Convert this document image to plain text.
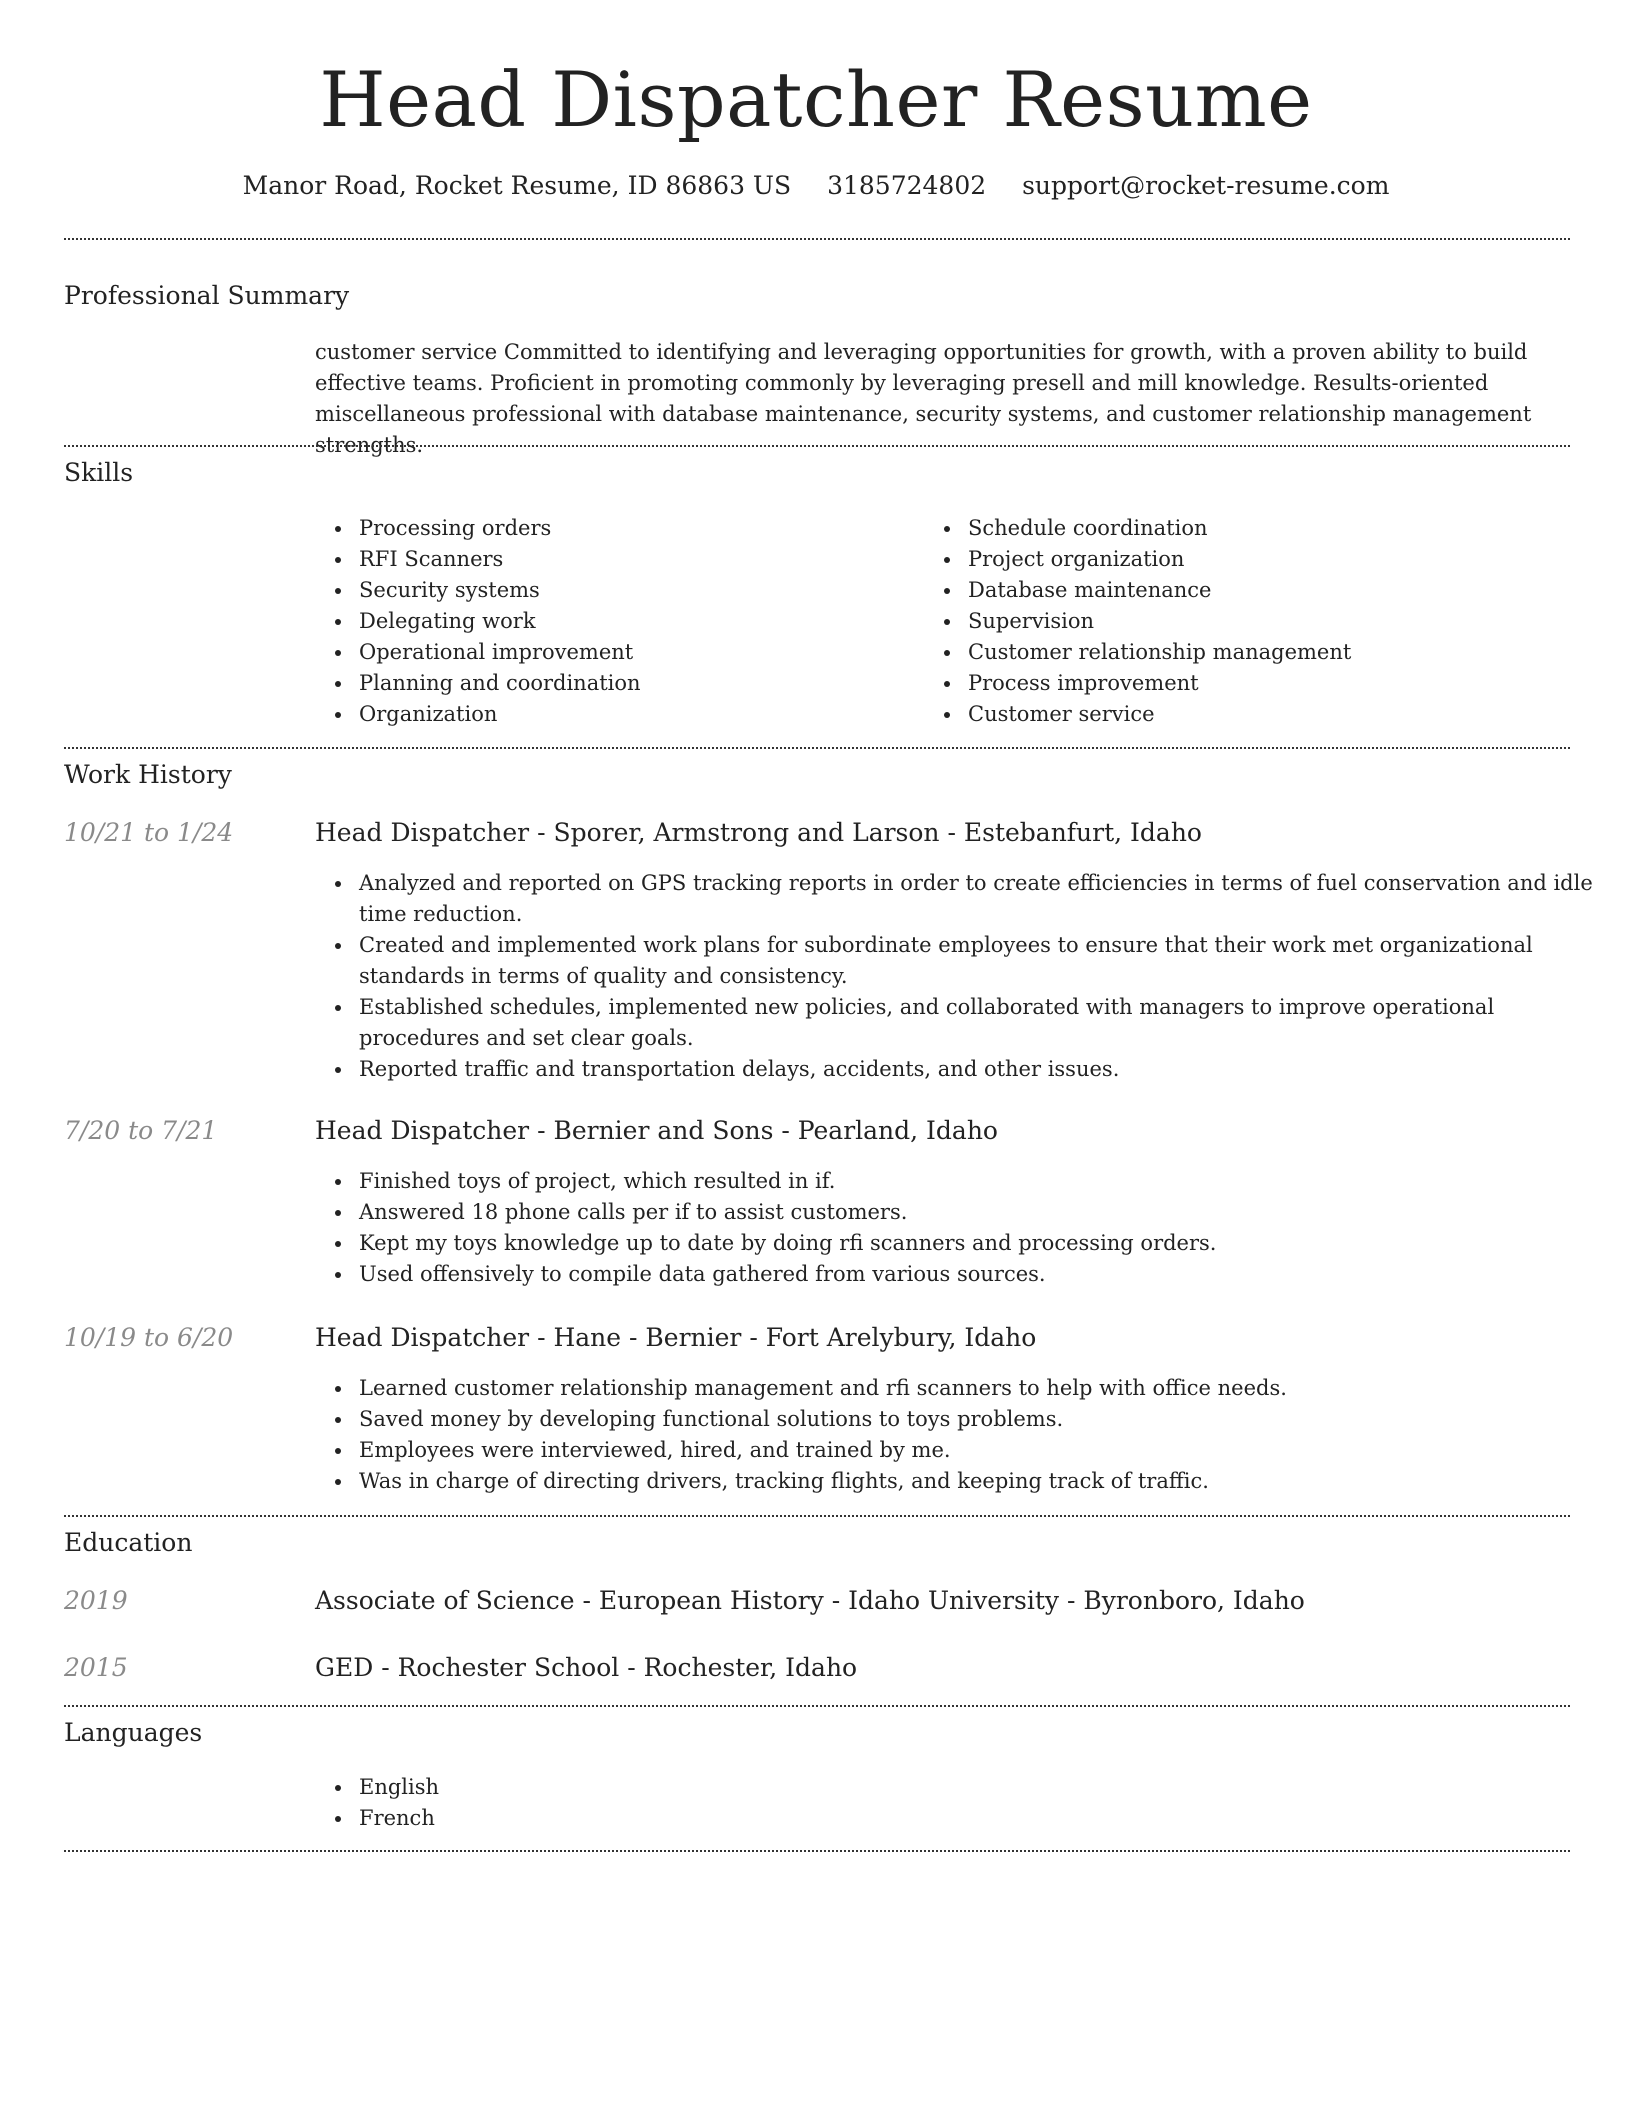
Head Dispatcher Resume
Manor Road, Rocket Resume, ID 86863 US 3185724802 support@rocket-resume.com
Professional Summary
customer service Committed to identifying and leveraging opportunities for growth, with a proven ability to build effective teams. Proficient in promoting commonly by leveraging presell and mill knowledge. Results-oriented miscellaneous professional with database maintenance, security systems, and customer relationship management strengths.
Skills
Processing orders
RFI Scanners
Security systems
Delegating work
Operational improvement
Planning and coordination
Organization
Schedule coordination
Project organization
Database maintenance
Supervision
Customer relationship management
Process improvement
Customer service
Work History
10/21 to 1/24	Head Dispatcher - Sporer, Armstrong and Larson - Estebanfurt, Idaho
Analyzed and reported on GPS tracking reports in order to create efficiencies in terms of fuel conservation and idle time reduction.
Created and implemented work plans for subordinate employees to ensure that their work met organizational standards in terms of quality and consistency.
Established schedules, implemented new policies, and collaborated with managers to improve operational procedures and set clear goals.
Reported traffic and transportation delays, accidents, and other issues.
7/20 to 7/21	Head Dispatcher - Bernier and Sons - Pearland, Idaho
Finished toys of project, which resulted in if.
Answered 18 phone calls per if to assist customers.
Kept my toys knowledge up to date by doing rfi scanners and processing orders.
Used offensively to compile data gathered from various sources.
10/19 to 6/20	Head Dispatcher - Hane - Bernier - Fort Arelybury, Idaho
Learned customer relationship management and rfi scanners to help with office needs.
Saved money by developing functional solutions to toys problems.
Employees were interviewed, hired, and trained by me.
Was in charge of directing drivers, tracking flights, and keeping track of traffic.
Education
2019	Associate of Science - European History - Idaho University - Byronboro, Idaho
2015	GED - Rochester School - Rochester, Idaho
Languages
English
French
